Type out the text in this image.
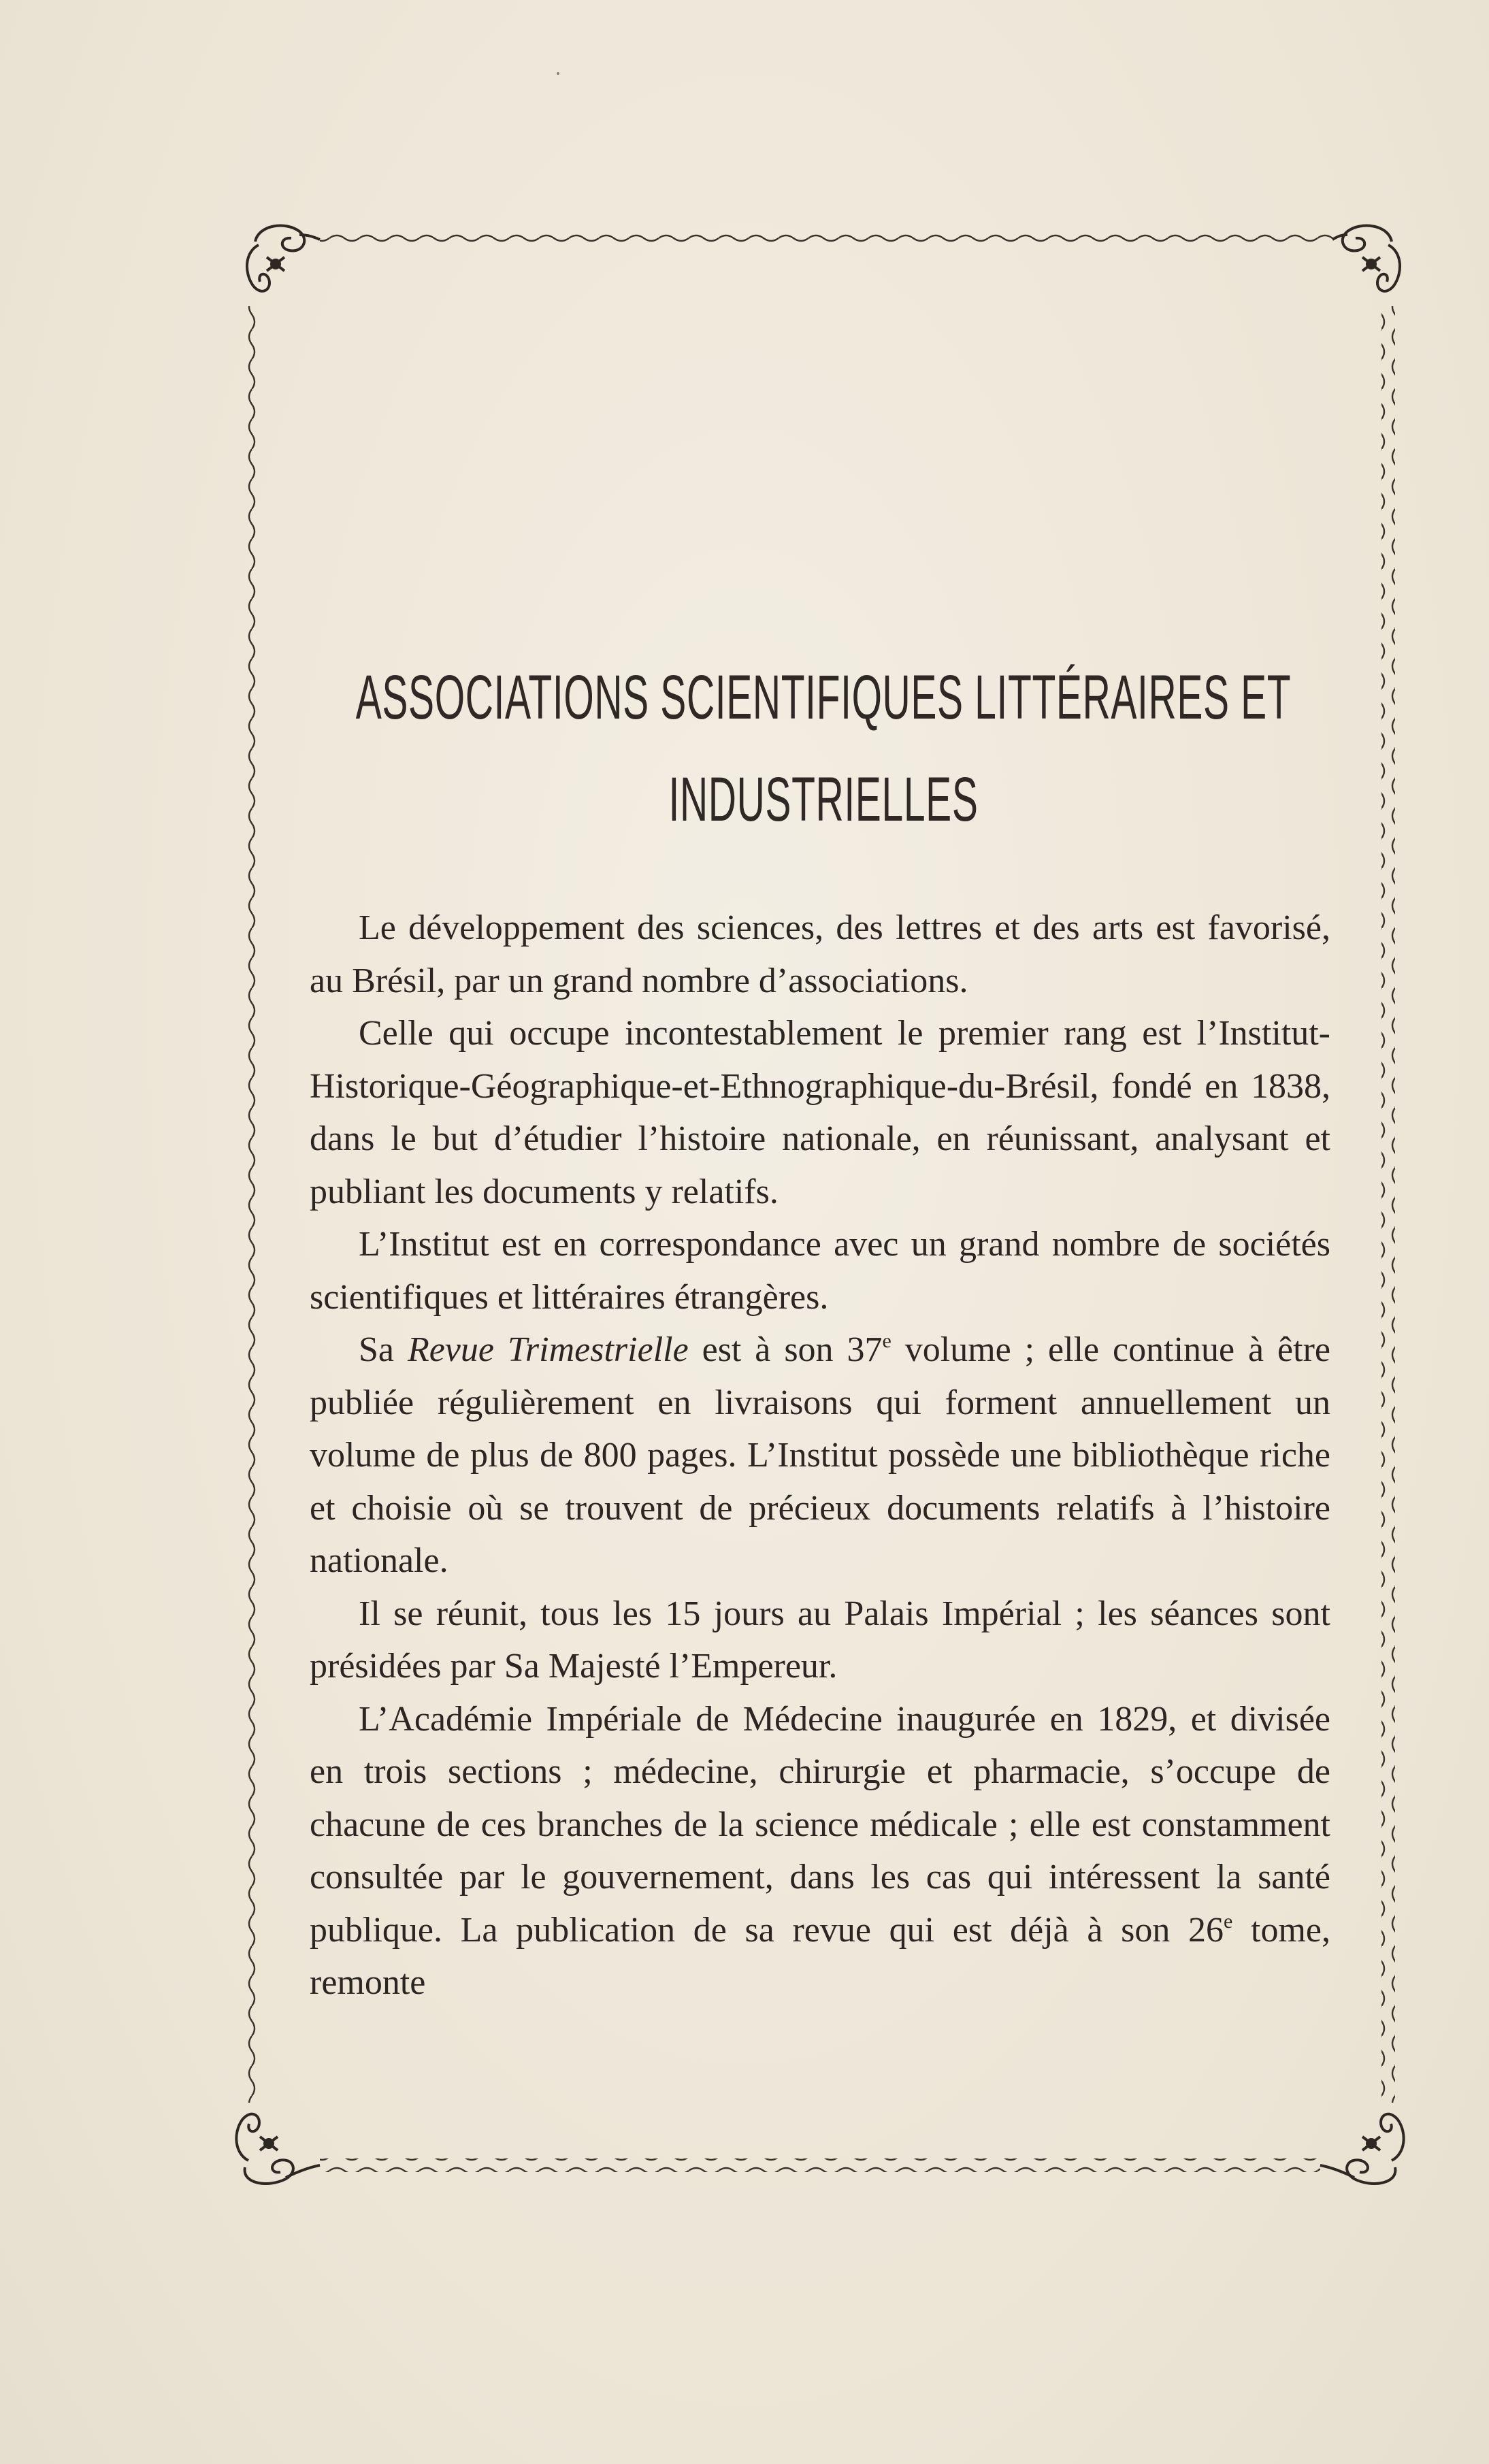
ASSOCIATIONS SCIENTIFIQUES LITTÉRAIRES ET
INDUSTRIELLES

Le développement des sciences, des lettres et des arts est favorisé, au Brésil, par un grand nombre d’associations.

Celle qui occupe incontestablement le premier rang est l’Institut-Historique-Géographique-et-Ethnographique-du-Brésil, fondé en 1838, dans le but d’étudier l’histoire nationale, en réunissant, analysant et publiant les documents y relatifs.

L’Institut est en correspondance avec un grand nombre de sociétés scientifiques et littéraires étrangères.

Sa Revue Trimestrielle est à son 37e volume ; elle continue à être publiée régulièrement en livraisons qui forment annuellement un volume de plus de 800 pages. L’Institut possède une bibliothèque riche et choisie où se trouvent de précieux documents relatifs à l’histoire nationale.

Il se réunit, tous les 15 jours au Palais Impérial ; les séances sont présidées par Sa Majesté l’Empereur.

L’Académie Impériale de Médecine inaugurée en 1829, et divisée en trois sections ; médecine, chirurgie et pharmacie, s’occupe de chacune de ces branches de la science médicale ; elle est constamment consultée par le gouvernement, dans les cas qui intéressent la santé publique. La publication de sa revue qui est déjà à son 26e tome, remonte
